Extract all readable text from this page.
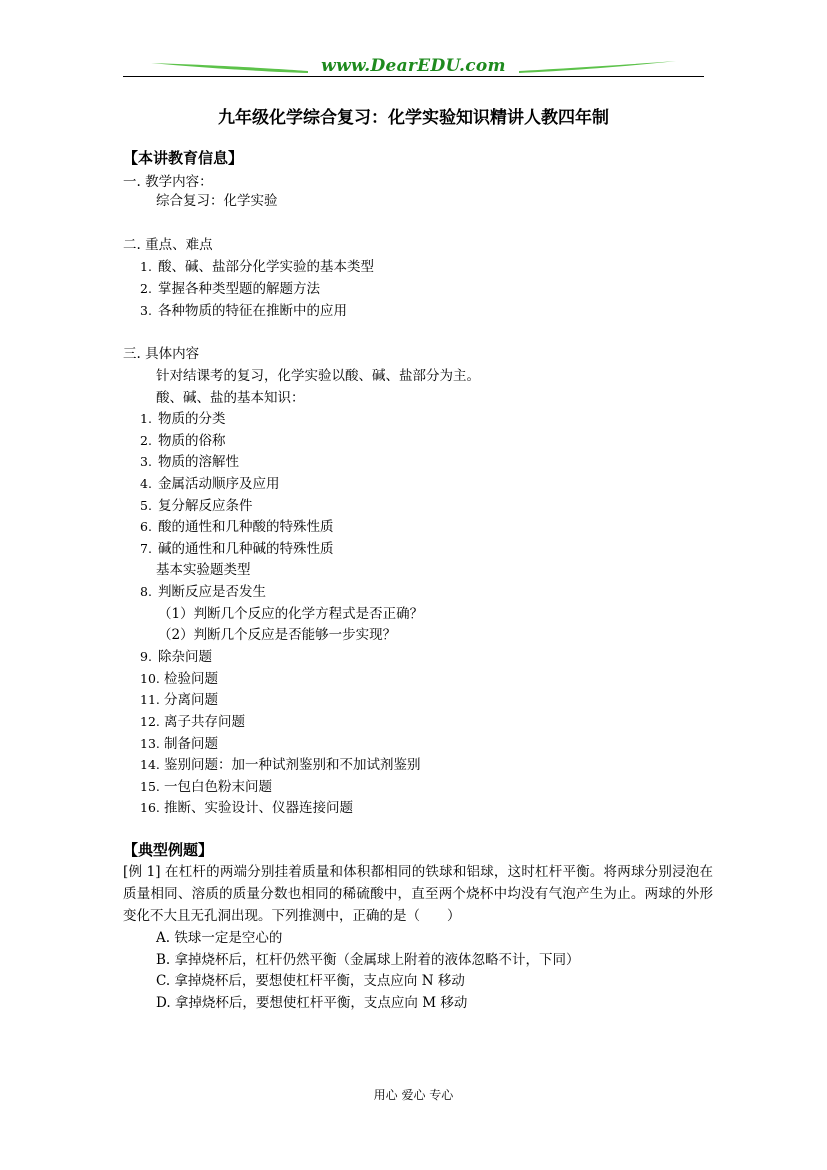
www.DearEDU.com
九年级化学综合复习：化学实验知识精讲人教四年制
【本讲教育信息】
一. 教学内容：
综合复习：化学实验
二. 重点、难点
1. 酸、碱、盐部分化学实验的基本类型
2. 掌握各种类型题的解题方法
3. 各种物质的特征在推断中的应用
三. 具体内容
针对结课考的复习，化学实验以酸、碱、盐部分为主。
酸、碱、盐的基本知识：
1. 物质的分类
2. 物质的俗称
3. 物质的溶解性
4. 金属活动顺序及应用
5. 复分解反应条件
6. 酸的通性和几种酸的特殊性质
7. 碱的通性和几种碱的特殊性质
基本实验题类型
8. 判断反应是否发生
（1）判断几个反应的化学方程式是否正确？
（2）判断几个反应是否能够一步实现？
9. 除杂问题
10. 检验问题
11. 分离问题
12. 离子共存问题
13. 制备问题
14. 鉴别问题：加一种试剂鉴别和不加试剂鉴别
15. 一包白色粉末问题
16. 推断、实验设计、仪器连接问题
【典型例题】
[例 1] 在杠杆的两端分别挂着质量和体积都相同的铁球和铝球，这时杠杆平衡。将两球分别浸泡在质量相同、溶质的质量分数也相同的稀硫酸中，直至两个烧杯中均没有气泡产生为止。两球的外形变化不大且无孔洞出现。下列推测中，正确的是（　　）
A. 铁球一定是空心的
B. 拿掉烧杯后，杠杆仍然平衡（金属球上附着的液体忽略不计，下同）
C. 拿掉烧杯后，要想使杠杆平衡，支点应向 N 移动
D. 拿掉烧杯后，要想使杠杆平衡，支点应向 M 移动
用心 爱心 专心
